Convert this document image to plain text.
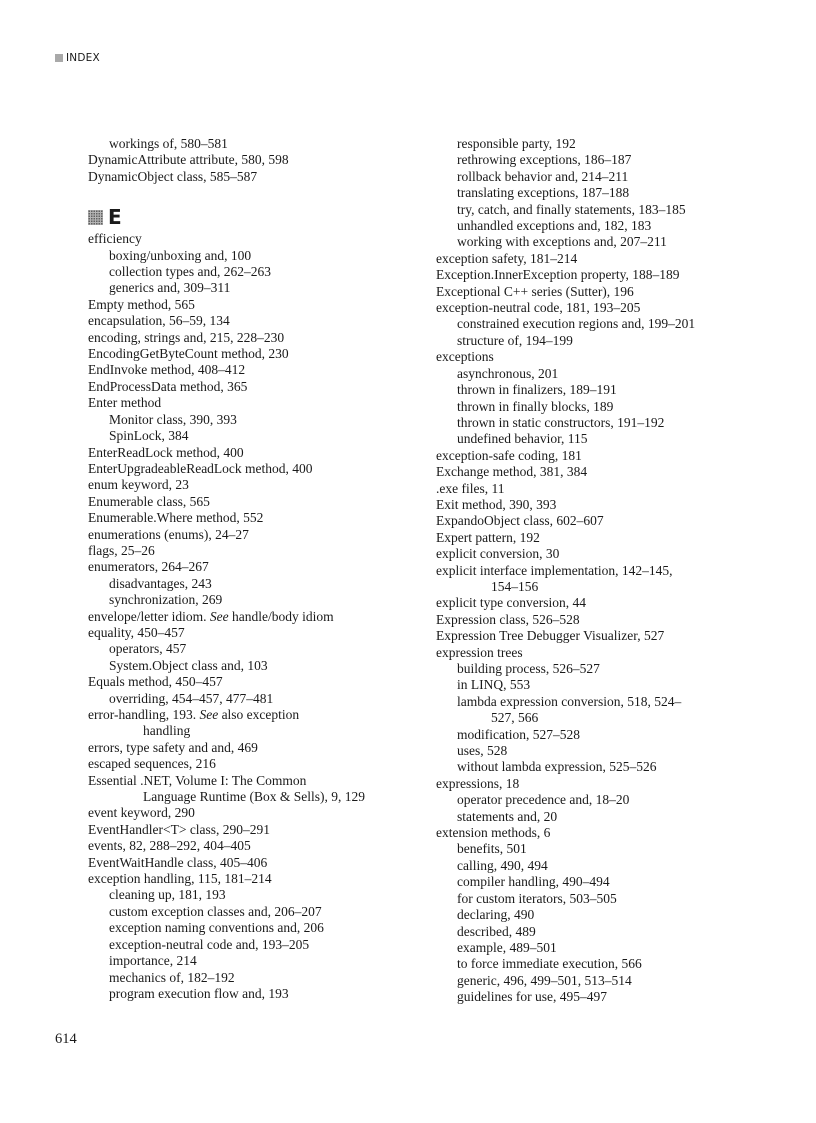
INDEX
workings of, 580–581
DynamicAttribute attribute, 580, 598
DynamicObject class, 585–587
E
efficiency
boxing/unboxing and, 100
collection types and, 262–263
generics and, 309–311
Empty method, 565
encapsulation, 56–59, 134
encoding, strings and, 215, 228–230
EncodingGetByteCount method, 230
EndInvoke method, 408–412
EndProcessData method, 365
Enter method
Monitor class, 390, 393
SpinLock, 384
EnterReadLock method, 400
EnterUpgradeableReadLock method, 400
enum keyword, 23
Enumerable class, 565
Enumerable.Where method, 552
enumerations (enums), 24–27
flags, 25–26
enumerators, 264–267
disadvantages, 243
synchronization, 269
envelope/letter idiom. See handle/body idiom
equality, 450–457
operators, 457
System.Object class and, 103
Equals method, 450–457
overriding, 454–457, 477–481
error-handling, 193. See also exception
handling
errors, type safety and and, 469
escaped sequences, 216
Essential .NET, Volume I: The Common
Language Runtime (Box & Sells), 9, 129
event keyword, 290
EventHandler<T> class, 290–291
events, 82, 288–292, 404–405
EventWaitHandle class, 405–406
exception handling, 115, 181–214
cleaning up, 181, 193
custom exception classes and, 206–207
exception naming conventions and, 206
exception-neutral code and, 193–205
importance, 214
mechanics of, 182–192
program execution flow and, 193
responsible party, 192
rethrowing exceptions, 186–187
rollback behavior and, 214–211
translating exceptions, 187–188
try, catch, and finally statements, 183–185
unhandled exceptions and, 182, 183
working with exceptions and, 207–211
exception safety, 181–214
Exception.InnerException property, 188–189
Exceptional C++ series (Sutter), 196
exception-neutral code, 181, 193–205
constrained execution regions and, 199–201
structure of, 194–199
exceptions
asynchronous, 201
thrown in finalizers, 189–191
thrown in finally blocks, 189
thrown in static constructors, 191–192
undefined behavior, 115
exception-safe coding, 181
Exchange method, 381, 384
.exe files, 11
Exit method, 390, 393
ExpandoObject class, 602–607
Expert pattern, 192
explicit conversion, 30
explicit interface implementation, 142–145,
154–156
explicit type conversion, 44
Expression class, 526–528
Expression Tree Debugger Visualizer, 527
expression trees
building process, 526–527
in LINQ, 553
lambda expression conversion, 518, 524–
527, 566
modification, 527–528
uses, 528
without lambda expression, 525–526
expressions, 18
operator precedence and, 18–20
statements and, 20
extension methods, 6
benefits, 501
calling, 490, 494
compiler handling, 490–494
for custom iterators, 503–505
declaring, 490
described, 489
example, 489–501
to force immediate execution, 566
generic, 496, 499–501, 513–514
guidelines for use, 495–497
614
